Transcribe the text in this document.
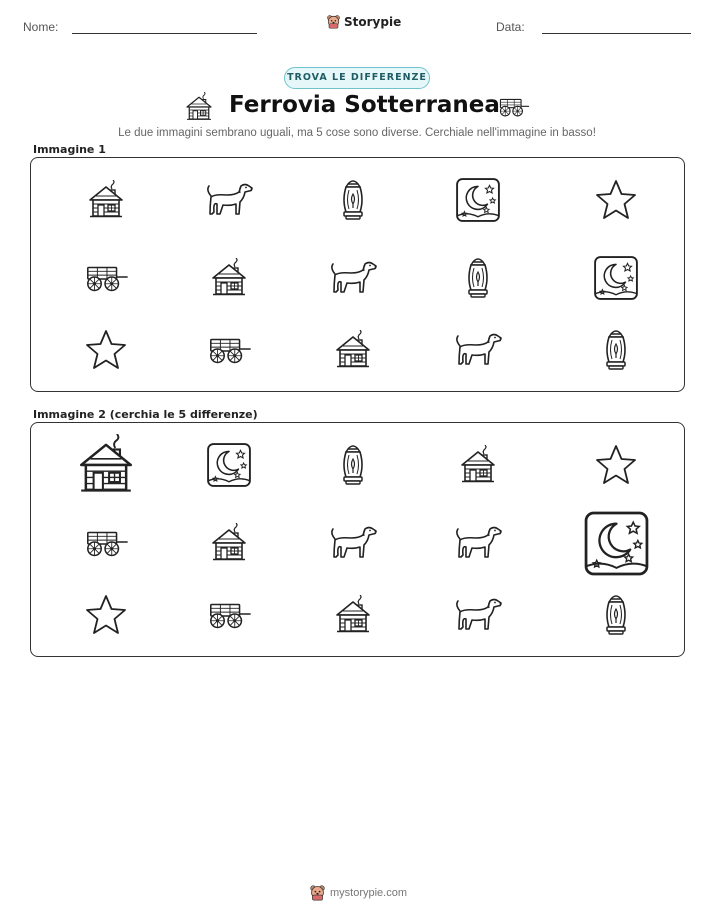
Nome:	Storypie	Data:
TROVA LE DIFFERENZE
Ferrovia Sotterranea
Le due immagini sembrano uguali, ma 5 cose sono diverse. Cerchiale nell'immagine in basso!
Immagine 1
Immagine 2 (cerchia le 5 differenze)
mystorypie.com
